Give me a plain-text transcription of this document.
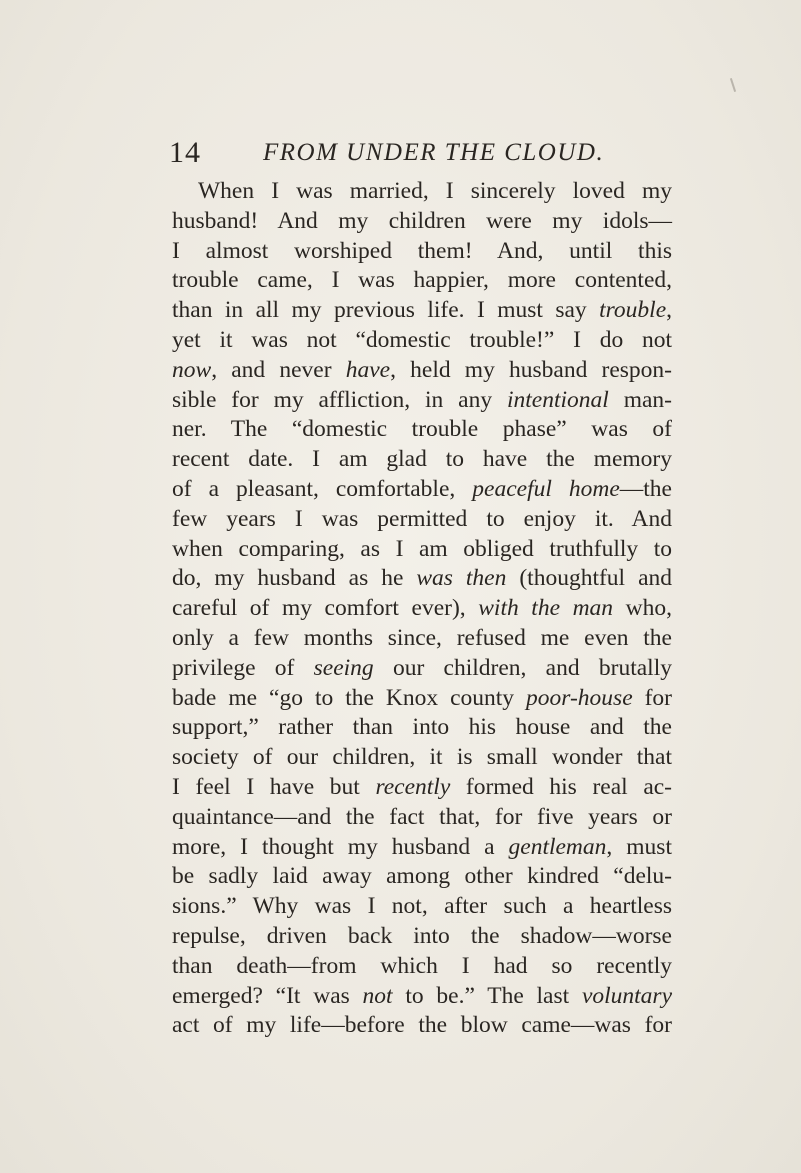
14 FROM UNDER THE CLOUD.
When I was married, I sincerely loved my
husband! And my children were my idols—
I almost worshiped them! And, until this
trouble came, I was happier, more contented,
than in all my previous life. I must say trouble,
yet it was not “domestic trouble!” I do not
now, and never have, held my husband respon-
sible for my affliction, in any intentional man-
ner. The “domestic trouble phase” was of
recent date. I am glad to have the memory
of a pleasant, comfortable, peaceful home—the
few years I was permitted to enjoy it. And
when comparing, as I am obliged truthfully to
do, my husband as he was then (thoughtful and
careful of my comfort ever), with the man who,
only a few months since, refused me even the
privilege of seeing our children, and brutally
bade me “go to the Knox county poor-house for
support,” rather than into his house and the
society of our children, it is small wonder that
I feel I have but recently formed his real ac-
quaintance—and the fact that, for five years or
more, I thought my husband a gentleman, must
be sadly laid away among other kindred “delu-
sions.” Why was I not, after such a heartless
repulse, driven back into the shadow—worse
than death—from which I had so recently
emerged? “It was not to be.” The last voluntary
act of my life—before the blow came—was for
